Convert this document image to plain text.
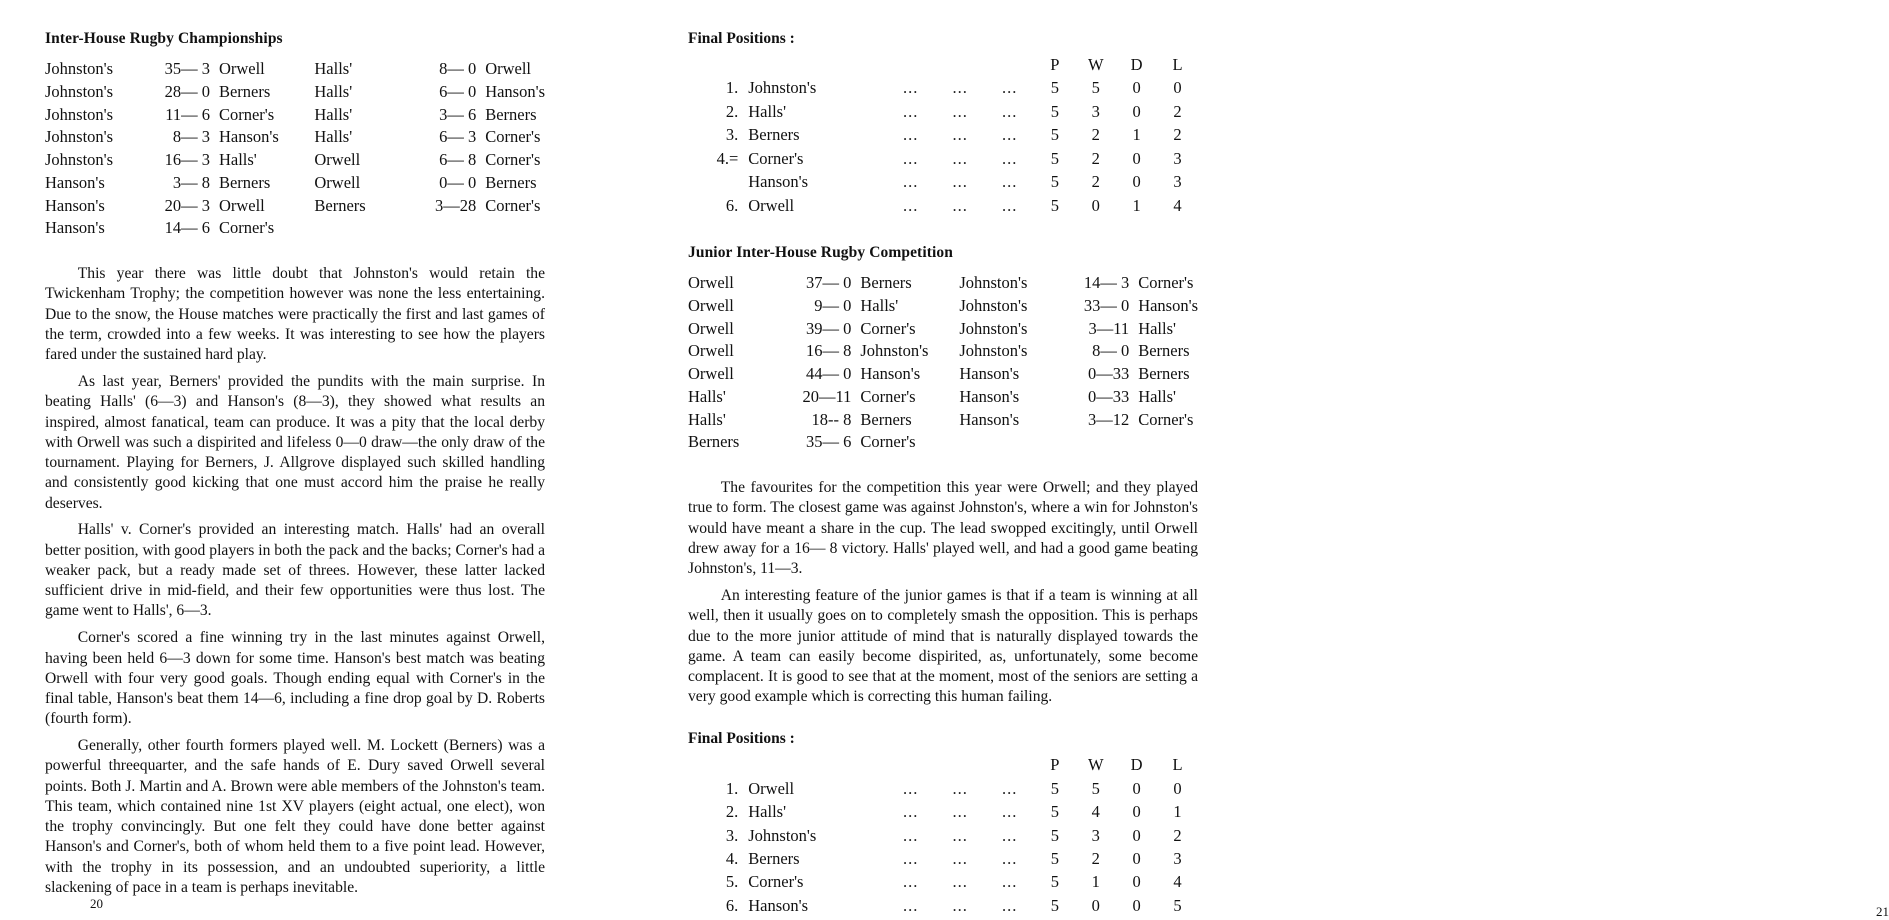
Inter-House Rugby Championships
Johnston's	35— 3	Orwell	Halls'	8— 0	Orwell
Johnston's	28— 0	Berners	Halls'	6— 0	Hanson's
Johnston's	11— 6	Corner's	Halls'	3— 6	Berners
Johnston's	8— 3	Hanson's	Halls'	6— 3	Corner's
Johnston's	16— 3	Halls'	Orwell	6— 8	Corner's
Hanson's	3— 8	Berners	Orwell	0— 0	Berners
Hanson's	20— 3	Orwell	Berners	3—28	Corner's
Hanson's	14— 6	Corner's			

This year there was little doubt that Johnston's would retain the Twickenham Trophy; the competition however was none the less entertaining. Due to the snow, the House matches were practically the first and last games of the term, crowded into a few weeks. It was interesting to see how the players fared under the sustained hard play.

As last year, Berners' provided the pundits with the main surprise. In beating Halls' (6—3) and Hanson's (8—3), they showed what results an inspired, almost fanatical, team can produce. It was a pity that the local derby with Orwell was such a dispirited and lifeless 0—0 draw—the only draw of the tournament. Playing for Berners, J. Allgrove displayed such skilled handling and consistently good kicking that one must accord him the praise he really deserves.

Halls' v. Corner's provided an interesting match. Halls' had an overall better position, with good players in both the pack and the backs; Corner's had a weaker pack, but a ready made set of threes. However, these latter lacked sufficient drive in mid-field, and their few opportunities were thus lost. The game went to Halls', 6—3.

Corner's scored a fine winning try in the last minutes against Orwell, having been held 6—3 down for some time. Hanson's best match was beating Orwell with four very good goals. Though ending equal with Corner's in the final table, Hanson's beat them 14—6, including a fine drop goal by D. Roberts (fourth form).

Generally, other fourth formers played well. M. Lockett (Berners) was a powerful threequarter, and the safe hands of E. Dury saved Orwell several points. Both J. Martin and A. Brown were able members of the Johnston's team. This team, which contained nine 1st XV players (eight actual, one elect), won the trophy convincingly. But one felt they could have done better against Hanson's and Corner's, both of whom held them to a five point lead. However, with the trophy in its possession, and an undoubted superiority, a little slackening of pace in a team is perhaps inevitable.

20
Final Positions :
					P	W	D	L
1.	Johnston's	...	...	...	5	5	0	0
2.	Halls'	...	...	...	5	3	0	2
3.	Berners	...	...	...	5	2	1	2
4.=	Corner's	...	...	...	5	2	0	3
	Hanson's	...	...	...	5	2	0	3
6.	Orwell	...	...	...	5	0	1	4
Junior Inter-House Rugby Competition
Orwell	37— 0	Berners	Johnston's	14— 3	Corner's
Orwell	9— 0	Halls'	Johnston's	33— 0	Hanson's
Orwell	39— 0	Corner's	Johnston's	3—11	Halls'
Orwell	16— 8	Johnston's	Johnston's	8— 0	Berners
Orwell	44— 0	Hanson's	Hanson's	0—33	Berners
Halls'	20—11	Corner's	Hanson's	0—33	Halls'
Halls'	18-- 8	Berners	Hanson's	3—12	Corner's
Berners	35— 6	Corner's			

The favourites for the competition this year were Orwell; and they played true to form. The closest game was against Johnston's, where a win for Johnston's would have meant a share in the cup. The lead swopped excitingly, until Orwell drew away for a 16— 8 victory. Halls' played well, and had a good game beating Johnston's, 11—3.

An interesting feature of the junior games is that if a team is winning at all well, then it usually goes on to completely smash the opposition. This is perhaps due to the more junior attitude of mind that is naturally displayed towards the game. A team can easily become dispirited, as, unfortunately, some become complacent. It is good to see that at the moment, most of the seniors are setting a very good example which is correcting this human failing.

Final Positions :
					P	W	D	L
1.	Orwell	...	...	...	5	5	0	0
2.	Halls'	...	...	...	5	4	0	1
3.	Johnston's	...	...	...	5	3	0	2
4.	Berners	...	...	...	5	2	0	3
5.	Corner's	...	...	...	5	1	0	4
6.	Hanson's	...	...	...	5	0	0	5	21
